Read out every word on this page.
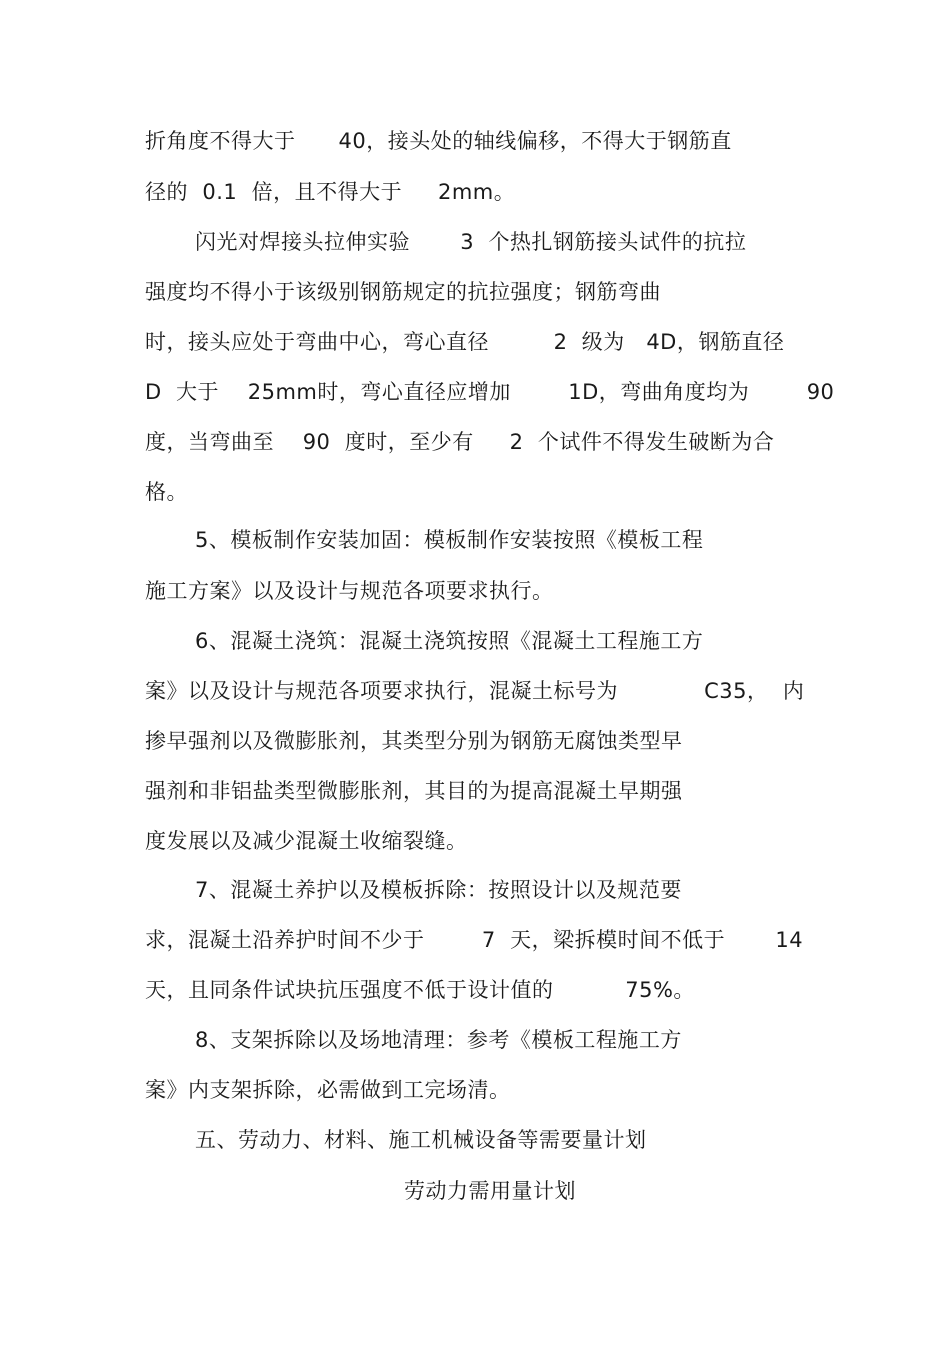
折角度不得大于      40，接头处的轴线偏移，不得大于钢筋直
径的  0.1  倍，且不得大于     2mm。
闪光对焊接头拉伸实验       3  个热扎钢筋接头试件的抗拉
强度均不得小于该级别钢筋规定的抗拉强度；钢筋弯曲
时，接头应处于弯曲中心，弯心直径         2  级为   4D，钢筋直径
D  大于    25mm时，弯心直径应增加        1D，弯曲角度均为        90
度，当弯曲至    90  度时，至少有     2  个试件不得发生破断为合
格。
5、模板制作安装加固：模板制作安装按照《模板工程
施工方案》以及设计与规范各项要求执行。
6、混凝土浇筑：混凝土浇筑按照《混凝土工程施工方
案》以及设计与规范各项要求执行，混凝土标号为            C35，  内
掺早强剂以及微膨胀剂，其类型分别为钢筋无腐蚀类型早
强剂和非铝盐类型微膨胀剂，其目的为提高混凝土早期强
度发展以及减少混凝土收缩裂缝。
7、混凝土养护以及模板拆除：按照设计以及规范要
求，混凝土沿养护时间不少于        7  天，梁拆模时间不低于       14
天，且同条件试块抗压强度不低于设计值的          75%。
8、支架拆除以及场地清理：参考《模板工程施工方
案》内支架拆除，必需做到工完场清。
五、劳动力、材料、施工机械设备等需要量计划
劳动力需用量计划
